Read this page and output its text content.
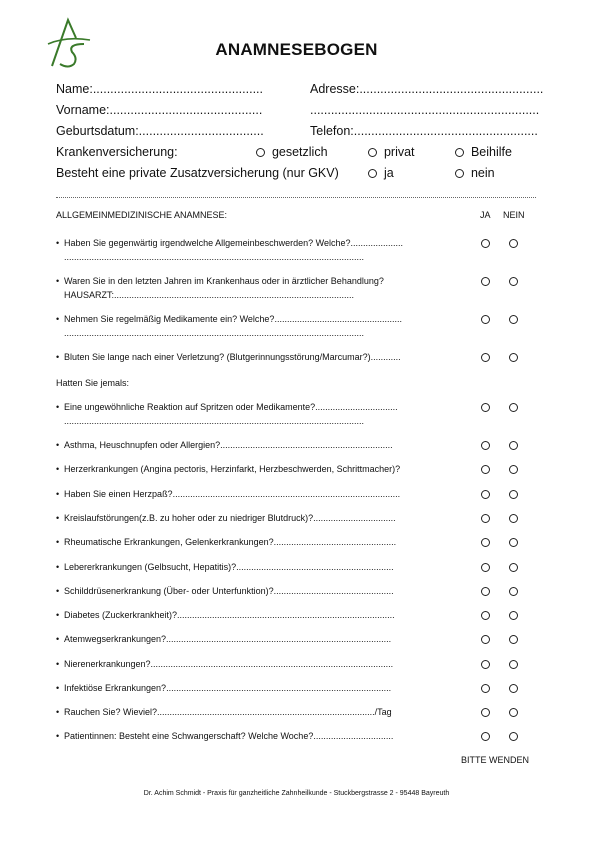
ANAMNESEBOGEN
Name:.................................................	Adresse:.....................................................
Vorname:............................................	..................................................................
Geburtsdatum:....................................	Telefon:.....................................................
Krankenversicherung:	gesetzlich	privat	Beihilfe
Besteht eine private Zusatzversicherung (nur GKV)	ja	nein
ALLGEMEINMEDIZINISCHE ANAMNESE:	JA NEIN
Hatten Sie jemals:
• Haben Sie gegenwärtig irgendwelche Allgemeinbeschwerden? Welche?.....................
........................................................................................................................
• Waren Sie in den letzten Jahren im Krankenhaus oder in ärztlicher Behandlung?
HAUSARZT:................................................................................................
• Nehmen Sie regelmäßig Medikamente ein? Welche?...................................................
........................................................................................................................
• Bluten Sie lange nach einer Verletzung? (Blutgerinnungsstörung/Marcumar?)............
• Eine ungewöhnliche Reaktion auf Spritzen oder Medikamente?.................................
........................................................................................................................
• Asthma, Heuschnupfen oder Allergien?.....................................................................
• Herzerkrankungen (Angina pectoris, Herzinfarkt, Herzbeschwerden, Schrittmacher)?
• Haben Sie einen Herzpaß?...........................................................................................
• Kreislaufstörungen(z.B. zu hoher oder zu niedriger Blutdruck)?.................................
• Rheumatische Erkrankungen, Gelenkerkrankungen?.................................................
• Lebererkrankungen (Gelbsucht, Hepatitis)?...............................................................
• Schilddrüsenerkrankung (Über- oder Unterfunktion)?................................................
• Diabetes (Zuckerkrankheit)?.......................................................................................
• Atemwegserkrankungen?..........................................................................................
• Nierenerkrankungen?.................................................................................................
• Infektiöse Erkrankungen?..........................................................................................
• Rauchen Sie? Wieviel?......................................................................................./Tag
• Patientinnen: Besteht eine Schwangerschaft? Welche Woche?................................
BITTE WENDEN
Dr. Achim Schmidt - Praxis für ganzheitliche Zahnheilkunde - Stuckbergstrasse 2 - 95448 Bayreuth
